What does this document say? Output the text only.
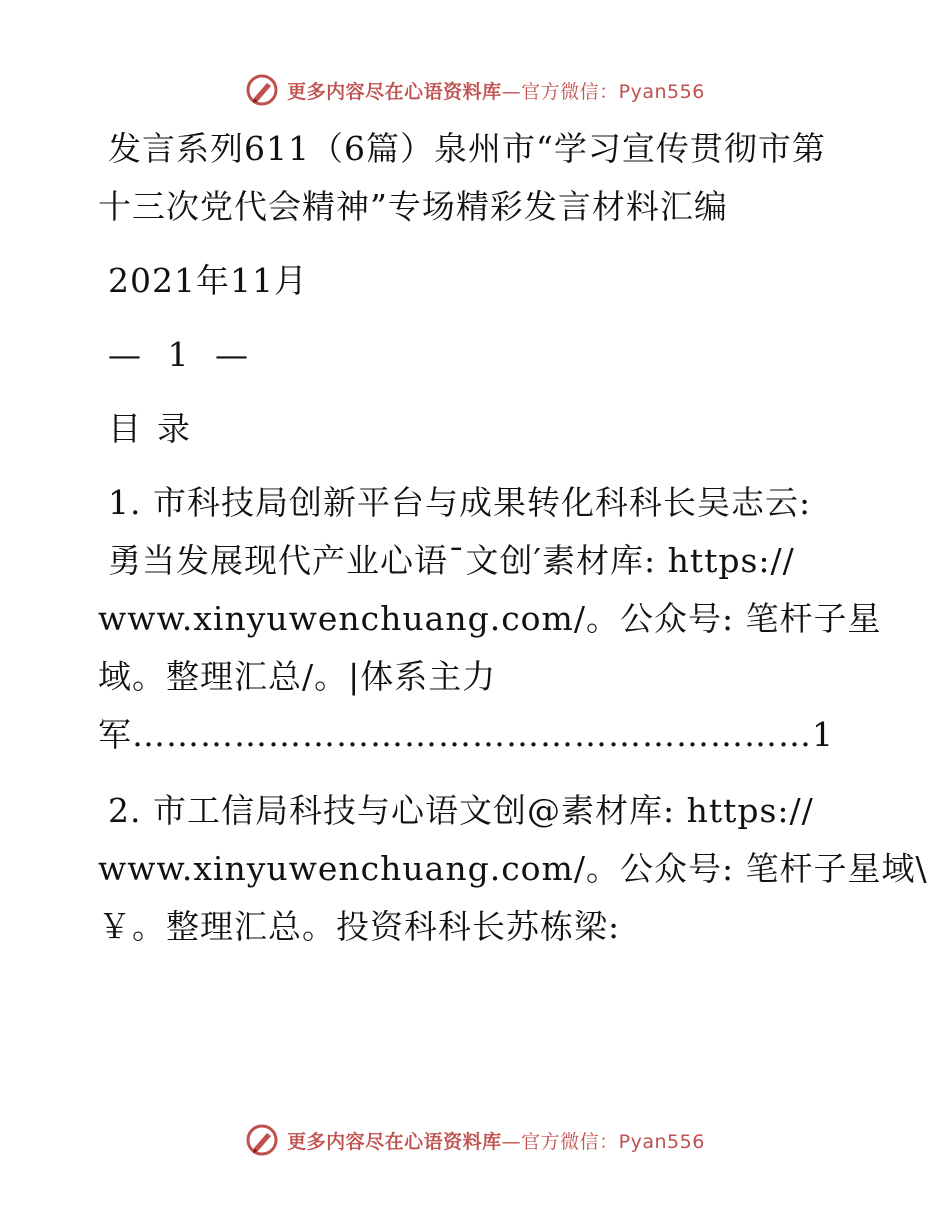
更多内容尽在心语资料库—官方微信：Pyan556
发言系列611（6篇）泉州市“学习宣传贯彻市第
十三次党代会精神”专场精彩发言材料汇编
2021年11月
— 1 —
目录
1. 市科技局创新平台与成果转化科科长吴志云:
勇当发展现代产业心语¯文创′素材库: https://
www.xinyuwenchuang.com/。公众号: 笔杆子星
域。整理汇总/。|体系主力
军……………………………………………………1
2. 市工信局科技与心语文创@素材库: https://
www.xinyuwenchuang.com/。公众号: 笔杆子星域\
￥。整理汇总。投资科科长苏栋梁:
更多内容尽在心语资料库—官方微信：Pyan556
